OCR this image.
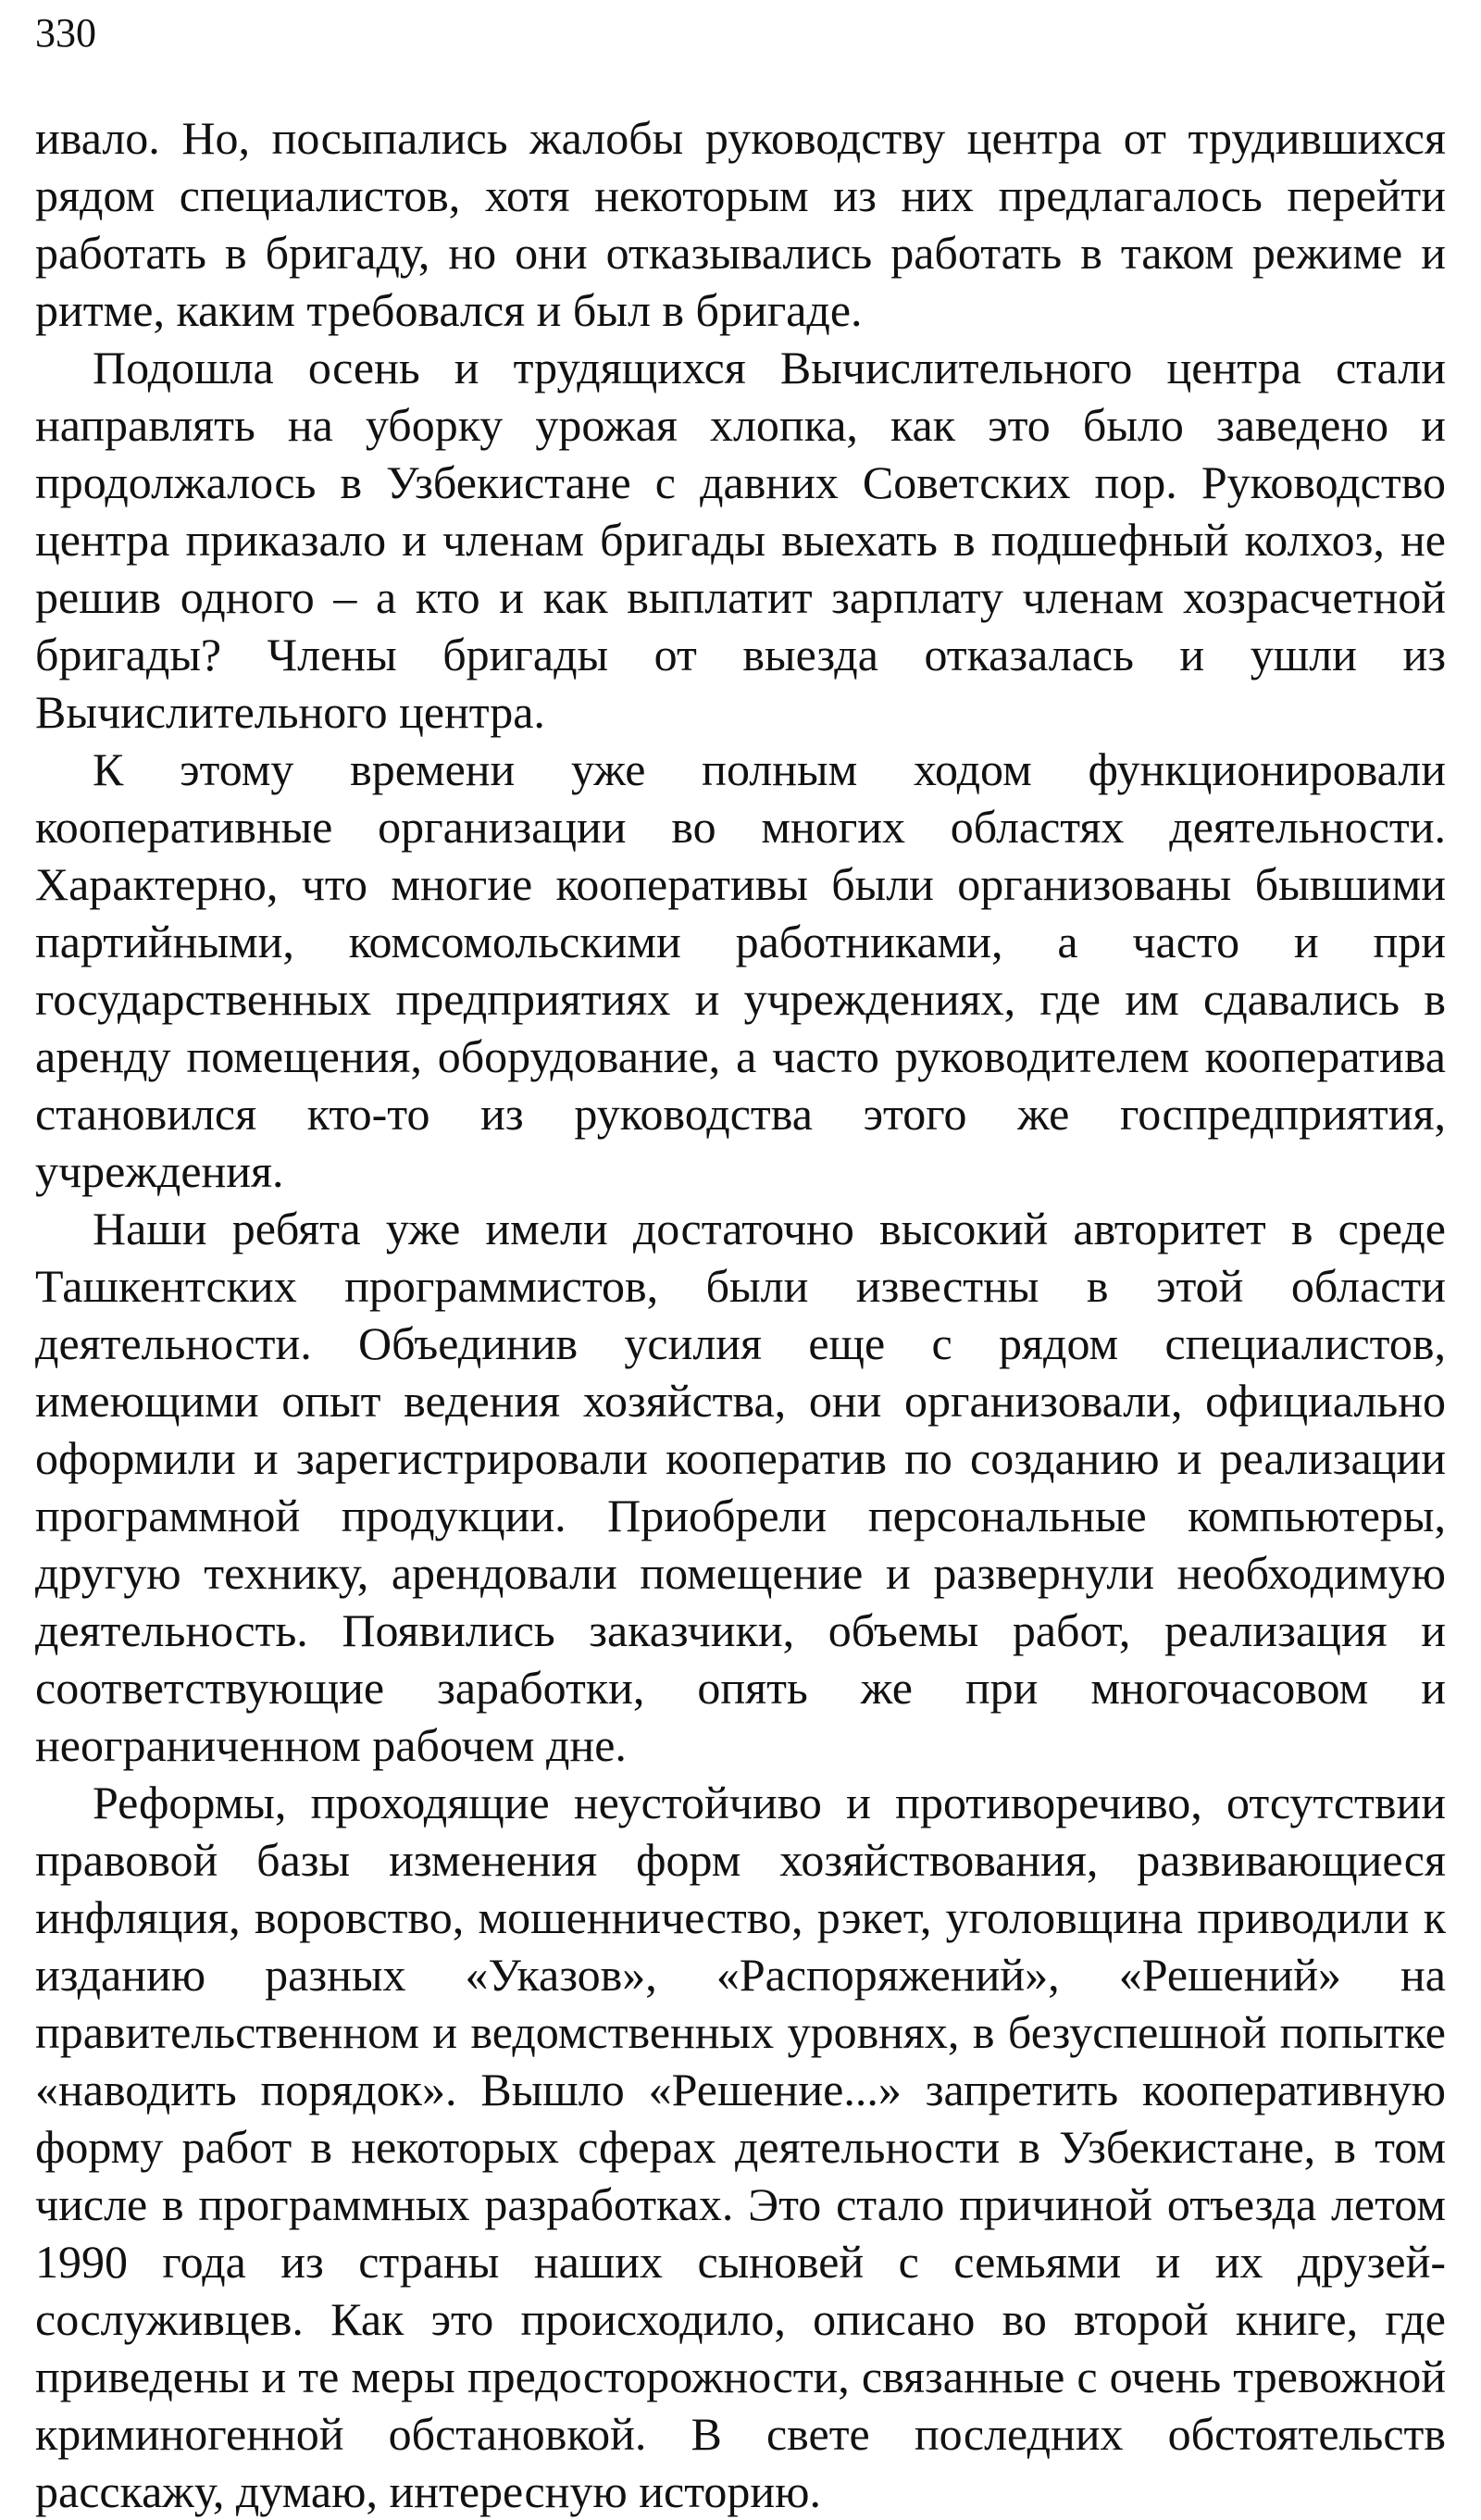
330

ивало. Но, посыпались жалобы руководству центра от трудившихся рядом специалистов, хотя некоторым из них предлагалось перейти работать в бригаду, но они отказывались работать в таком режиме и ритме, каким требовался и был в бригаде.

Подошла осень и трудящихся Вычислительного центра стали направлять на уборку урожая хлопка, как это было заведено и продолжалось в Узбекистане с давних Советских пор. Руководство центра приказало и членам бригады выехать в подшефный колхоз, не решив одного – а кто и как выплатит зарплату членам хозрасчетной бригады? Члены бригады от выезда отказалась и ушли из Вычислительного центра.

К этому времени уже полным ходом функционировали кооперативные организации во многих областях деятельности. Характерно, что многие кооперативы были организованы бывшими партийными, комсомольскими работниками, а часто и при государственных предприятиях и учреждениях, где им сдавались в аренду помещения, оборудование, а часто руководителем кооператива становился кто-то из руководства этого же госпредприятия, учреждения.

Наши ребята уже имели достаточно высокий авторитет в среде Ташкентских программистов, были известны в этой области деятельности. Объединив усилия еще с рядом специалистов, имеющими опыт ведения хозяйства, они организовали, официально оформили и зарегистрировали кооператив по созданию и реализации программной продукции. Приобрели персональные компьютеры, другую технику, арендовали помещение и развернули необходимую деятельность. Появились заказчики, объемы работ, реализация и соответствующие заработки, опять же при многочасовом и неограниченном рабочем дне.

Реформы, проходящие неустойчиво и противоречиво, отсутствии правовой базы изменения форм хозяйствования, развивающиеся инфляция, воровство, мошенничество, рэкет, уголовщина приводили к изданию разных «Указов», «Распоряжений», «Решений» на правительственном и ведомственных уровнях, в безуспешной попытке «наводить порядок». Вышло «Решение...» запретить кооперативную форму работ в некоторых сферах деятельности в Узбекистане, в том числе в программных разработках. Это стало причиной отъезда летом 1990 года из страны наших сыновей с семьями и их друзей-сослуживцев. Как это происходило, описано во второй книге, где приведены и те меры предосторожности, связанные с очень тревожной криминогенной обстановкой. В свете последних обстоятельств расскажу, думаю, интересную историю.
